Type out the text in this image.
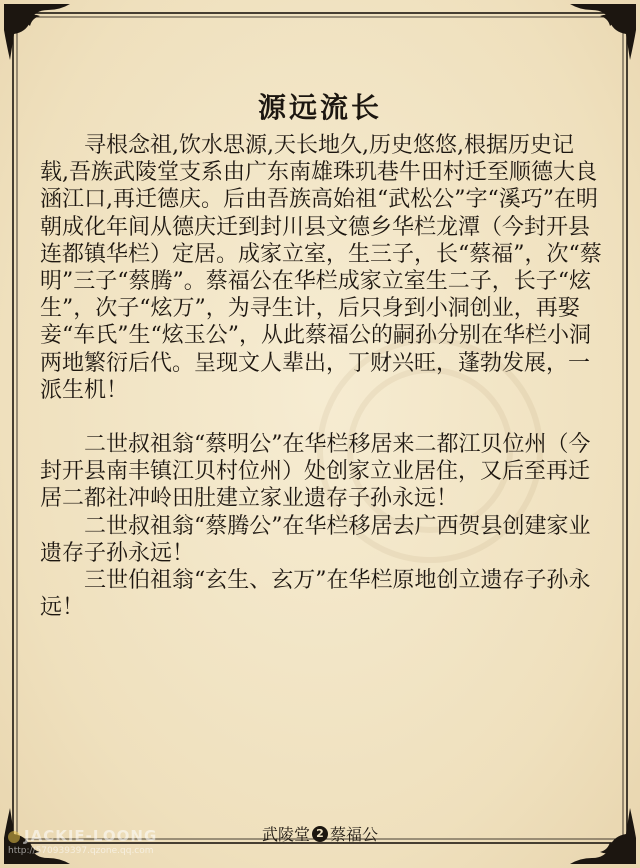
源远流长

　　寻根念祖,饮水思源,天长地久,历史悠悠,根据历史记载,吾族武陵堂支系由广东南雄珠玑巷牛田村迁至顺德大良涵江口,再迁德庆。后由吾族高始祖“武松公”字“溪巧”在明朝成化年间从德庆迁到封川县文德乡华栏龙潭（今封开县连都镇华栏）定居。成家立室，生三子，长“蔡福”，次“蔡明”三子“蔡腾”。蔡福公在华栏成家立室生二子，长子“炫生”，次子“炫万”，为寻生计，后只身到小洞创业，再娶妾“车氏”生“炫玉公”，从此蔡福公的嗣孙分别在华栏小洞两地繁衍后代。呈现文人辈出，丁财兴旺，蓬勃发展，一派生机！

　　二世叔祖翁“蔡明公”在华栏移居来二都江贝位州（今封开县南丰镇江贝村位州）处创家立业居住，又后至再迁居二都社冲岭田肚建立家业遗存子孙永远！

　　二世叔祖翁“蔡腾公”在华栏移居去广西贺县创建家业遗存子孙永远！

　　三世伯祖翁“玄生、玄万”在华栏原地创立遗存子孙永远！

武陵堂 2 蔡福公
JACKIE-LOONG
http://570939397.qzone.qq.com
